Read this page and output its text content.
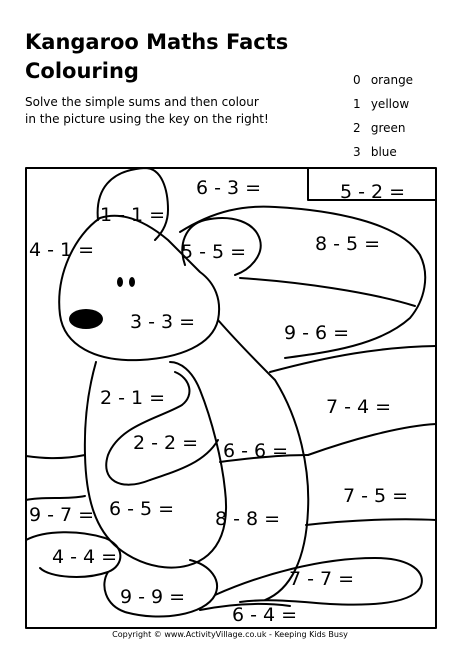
Kangaroo Maths Facts
Colouring
Solve the simple sums and then colour
in the picture using the key on the right!
0 orange
1 yellow
2 green
3 blue
6 - 3 =	5 - 2 =
1 - 1 =
4 - 1 =	5 - 5 =	8 - 5 =
3 - 3 =	9 - 6 =
2 - 1 =	7 - 4 =
2 - 2 = 6 - 6 =
7 - 5 =
9 - 7 = 6 - 5 = 8 - 8 =
4 - 4 =
7 - 7 =
9 - 9 =
6 - 4 =
Copyright © www.ActivityVillage.co.uk - Keeping Kids Busy
